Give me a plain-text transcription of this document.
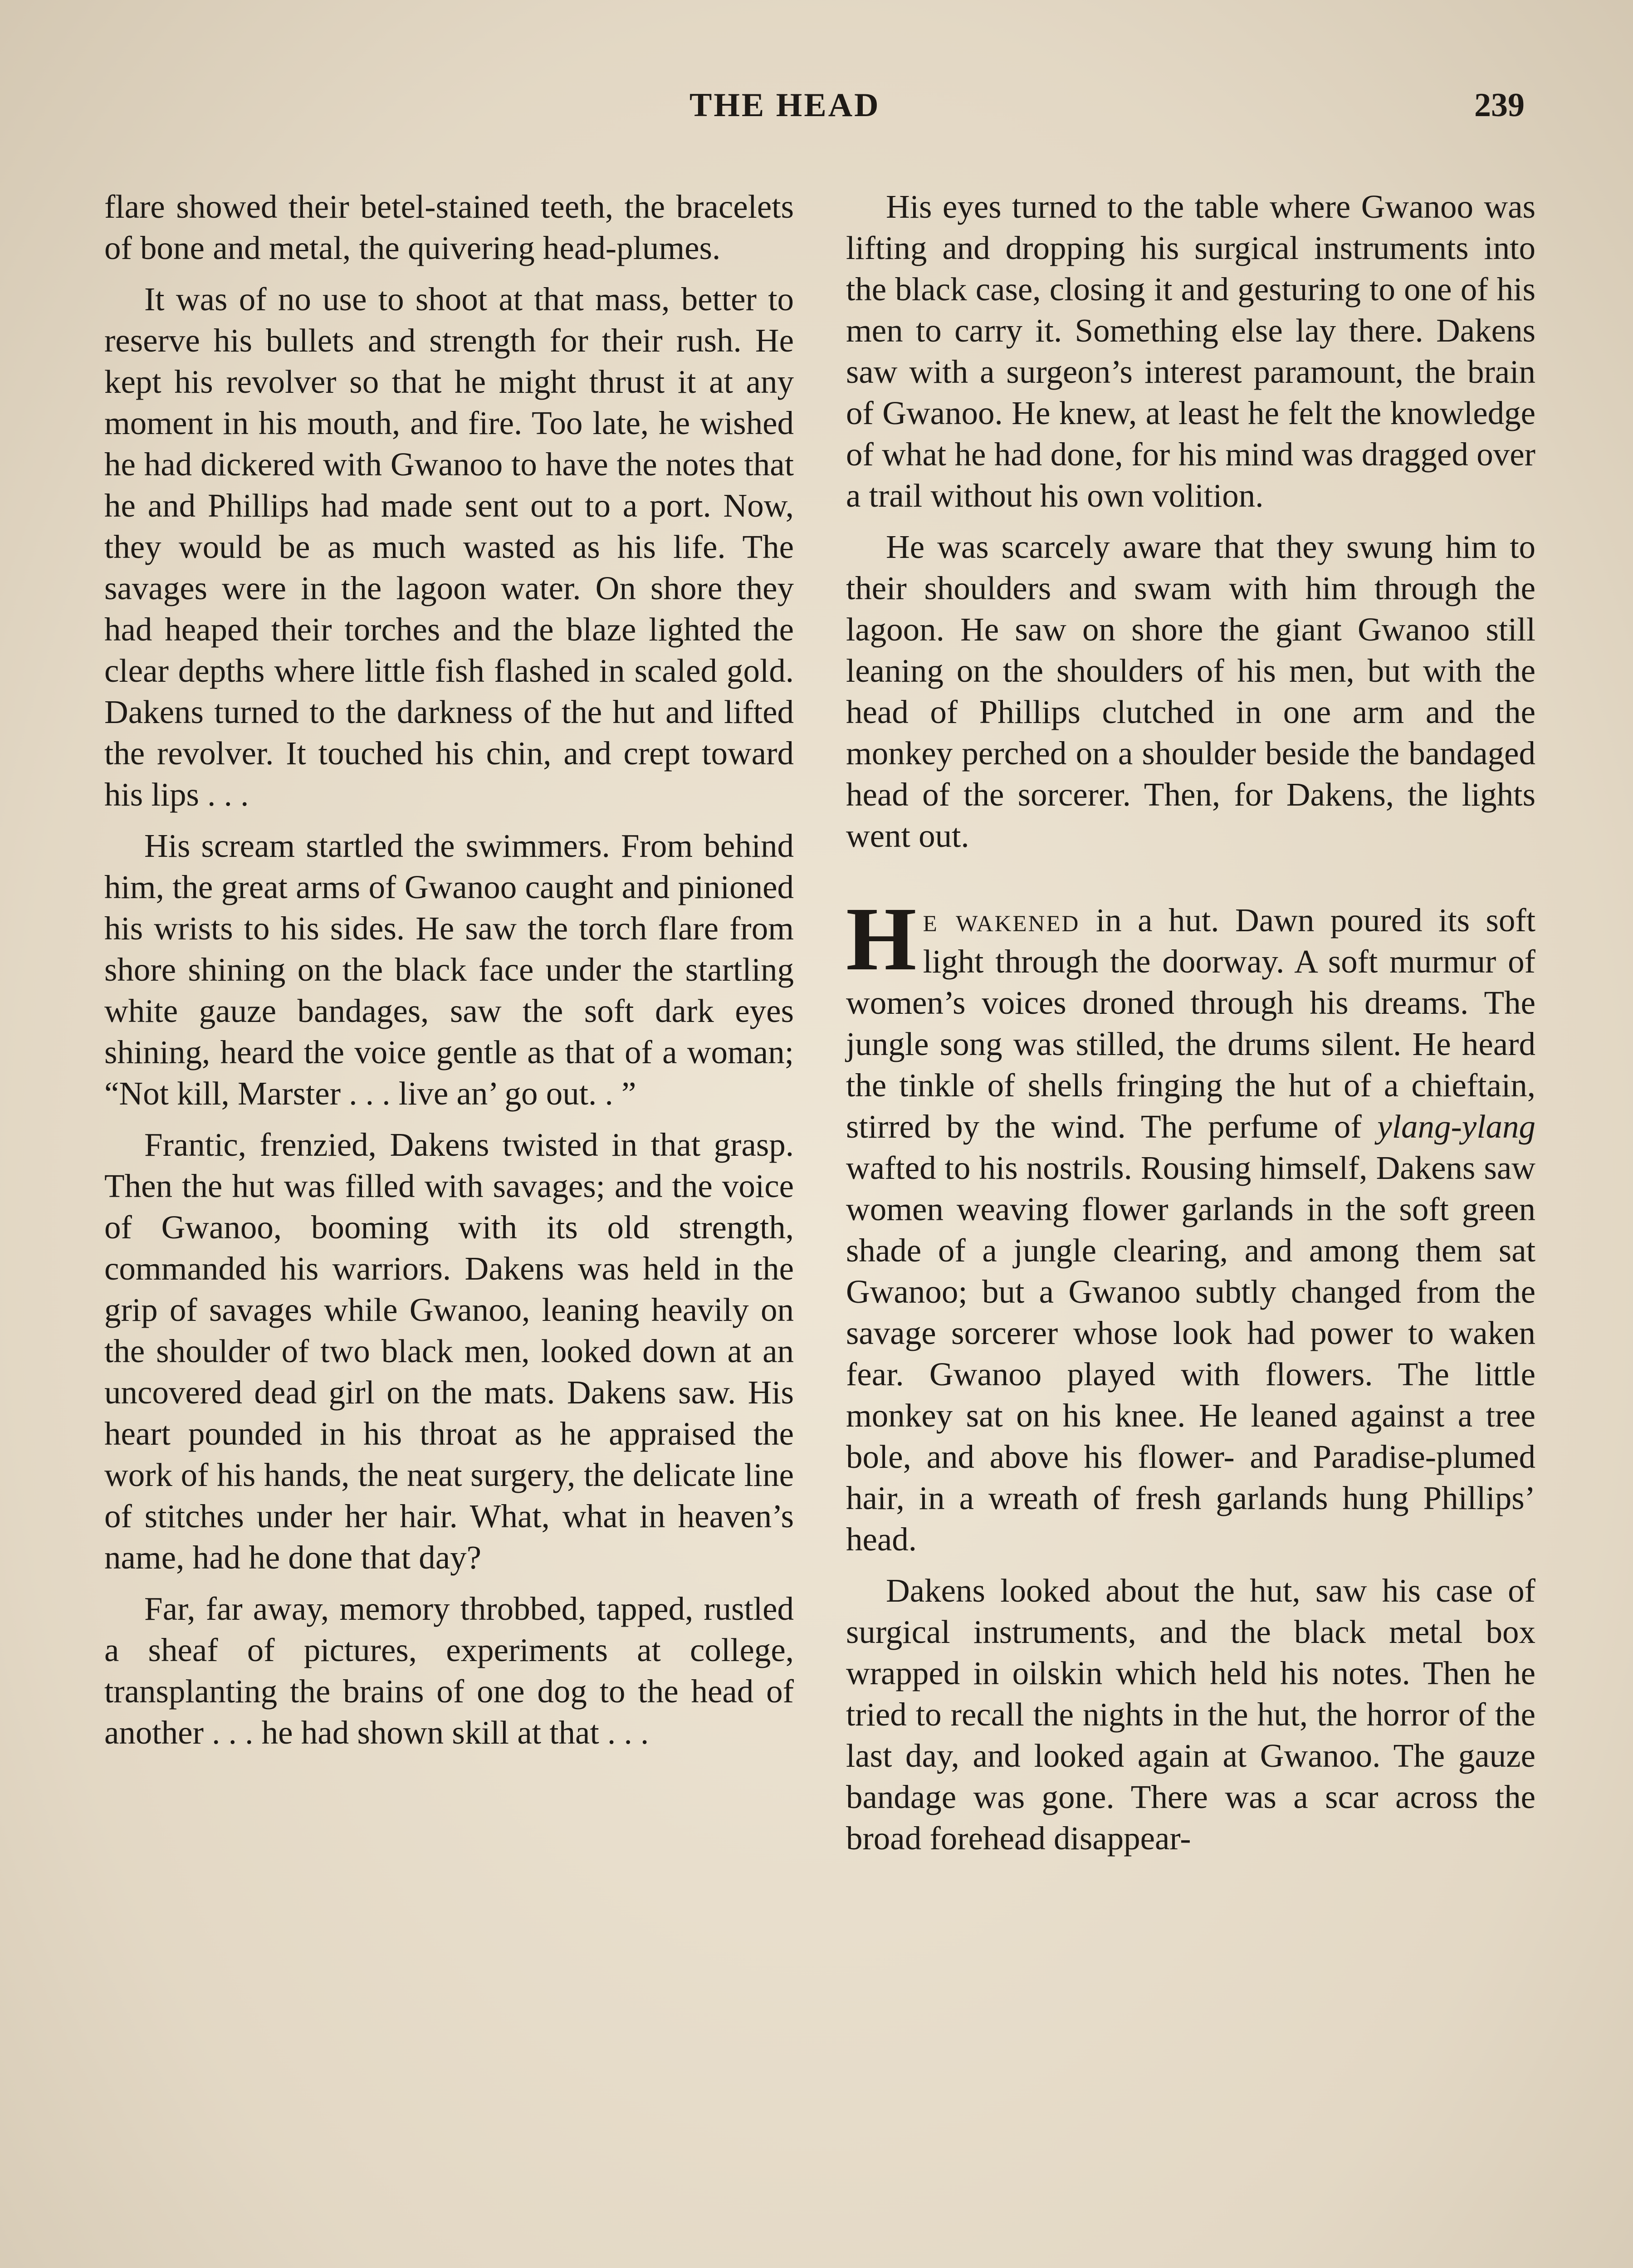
THE HEAD	239

flare showed their betel-stained teeth, the bracelets of bone and metal, the quivering head-plumes.

It was of no use to shoot at that mass, better to reserve his bullets and strength for their rush. He kept his revolver so that he might thrust it at any moment in his mouth, and fire. Too late, he wished he had dickered with Gwanoo to have the notes that he and Phillips had made sent out to a port. Now, they would be as much wasted as his life. The savages were in the lagoon water. On shore they had heaped their torches and the blaze lighted the clear depths where little fish flashed in scaled gold. Dakens turned to the darkness of the hut and lifted the revolver. It touched his chin, and crept toward his lips . . .

His scream startled the swimmers. From behind him, the great arms of Gwanoo caught and pinioned his wrists to his sides. He saw the torch flare from shore shining on the black face under the startling white gauze bandages, saw the soft dark eyes shining, heard the voice gentle as that of a woman; “Not kill, Marster . . . live an’ go out. . ”

Frantic, frenzied, Dakens twisted in that grasp. Then the hut was filled with savages; and the voice of Gwanoo, booming with its old strength, commanded his warriors. Dakens was held in the grip of savages while Gwanoo, leaning heavily on the shoulder of two black men, looked down at an uncovered dead girl on the mats. Dakens saw. His heart pounded in his throat as he appraised the work of his hands, the neat surgery, the delicate line of stitches under her hair. What, what in heaven’s name, had he done that day?

Far, far away, memory throbbed, tapped, rustled a sheaf of pictures, experiments at college, transplanting the brains of one dog to the head of another . . . he had shown skill at that . . .

His eyes turned to the table where Gwanoo was lifting and dropping his surgical instruments into the black case, closing it and gesturing to one of his men to carry it. Something else lay there. Dakens saw with a surgeon’s interest paramount, the brain of Gwanoo. He knew, at least he felt the knowledge of what he had done, for his mind was dragged over a trail without his own volition.

He was scarcely aware that they swung him to their shoulders and swam with him through the lagoon. He saw on shore the giant Gwanoo still leaning on the shoulders of his men, but with the head of Phillips clutched in one arm and the monkey perched on a shoulder beside the bandaged head of the sorcerer. Then, for Dakens, the lights went out.

He wakened in a hut. Dawn poured its soft light through the doorway. A soft murmur of women’s voices droned through his dreams. The jungle song was stilled, the drums silent. He heard the tinkle of shells fringing the hut of a chieftain, stirred by the wind. The perfume of ylang-ylang wafted to his nostrils. Rousing himself, Dakens saw women weaving flower garlands in the soft green shade of a jungle clearing, and among them sat Gwanoo; but a Gwanoo subtly changed from the savage sorcerer whose look had power to waken fear. Gwanoo played with flowers. The little monkey sat on his knee. He leaned against a tree bole, and above his flower- and Paradise-plumed hair, in a wreath of fresh garlands hung Phillips’ head.

Dakens looked about the hut, saw his case of surgical instruments, and the black metal box wrapped in oilskin which held his notes. Then he tried to recall the nights in the hut, the horror of the last day, and looked again at Gwanoo. The gauze bandage was gone. There was a scar across the broad forehead disappear-
